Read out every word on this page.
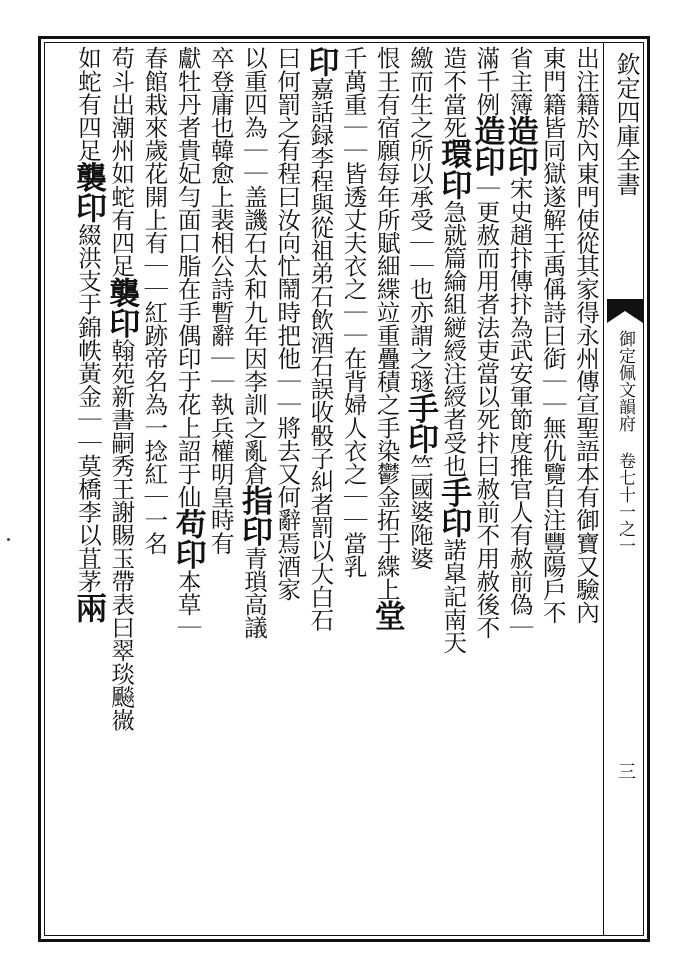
欽定四庫全書
御定佩文韻府 卷七十一之一
三
出注籍於內東門使從其家得永州傳宣聖語本有御寶又驗內
東門籍皆同獄遂解王禹偁詩曰衘｜｜無仇覽自注豐陽戶不
省主簿造印宋史趙抃傳抃為武安軍節度推官人有赦前偽｜
滿千例造印｜更赦而用者法吏當以死抃曰赦前不用赦後不
造不當死環印急就篇綸組縌綬注綬者受也手印諾皐記南天
繳而生之所以承受｜｜也亦謂之璲手印竺國婆陁婆
恨王有宿願每年所賦細緤竝重疊積之手染鬱金拓于緤上堂
千萬重｜｜皆透丈夫衣之｜｜在背婦人衣之｜｜當乳
印嘉話録李程與從祖弟石飲酒石誤收骰子糾者罰以大白石
曰何罰之有程曰汝向忙鬧時把他｜｜將去又何辭焉酒家
以重四為｜｜盖譏石太和九年因李訓之亂倉指印青瑣高議
卒登庸也韓愈上裴相公詩暫辭｜｜執兵權明皇時有
獻牡丹者貴妃勻面口脂在手偶印于花上詔于仙苟印本草｜
春館栽來歲花開上有｜｜紅跡帝名為一捻紅｜一名
苟斗出潮州如蛇有四足襲印翰苑新書嗣秀王謝賜玉帶表曰翠琰飈嶶
如蛇有四足襲印綴洪支于錦帙黃金｜｜莫橋李以苴茅兩
